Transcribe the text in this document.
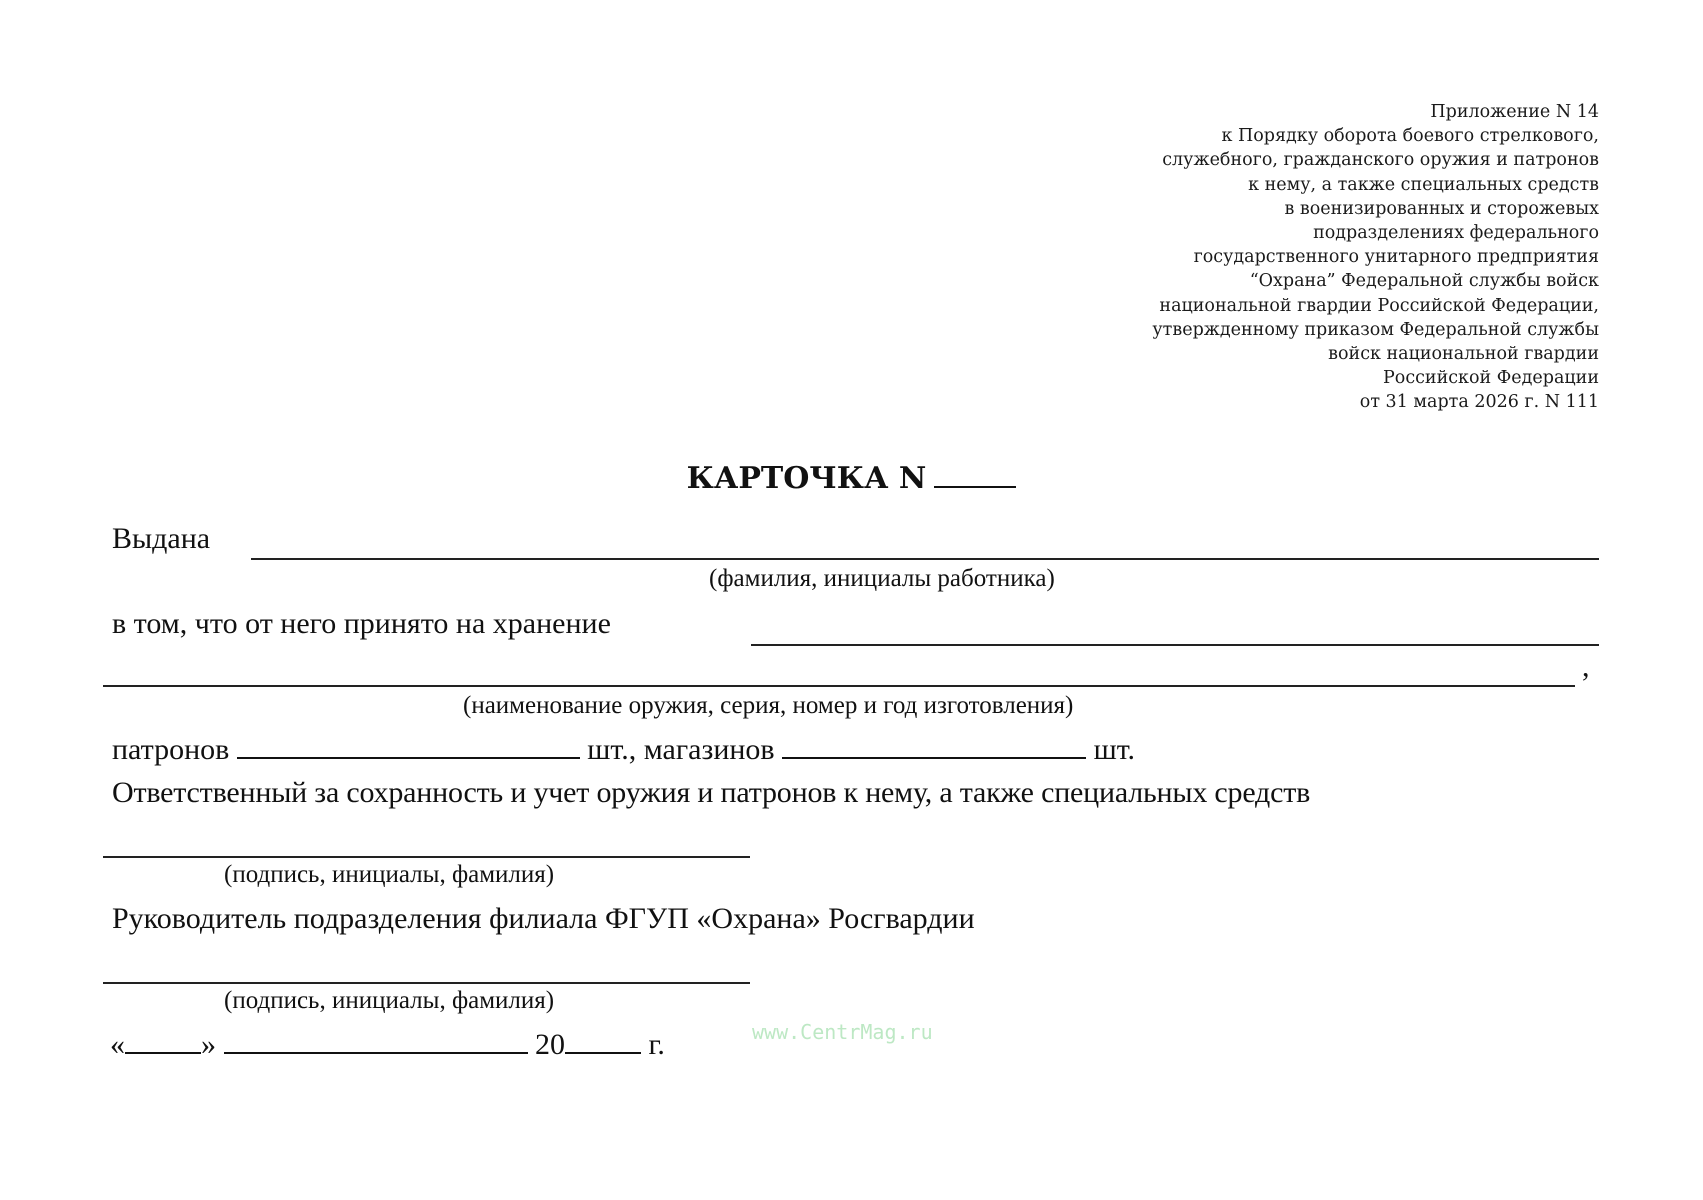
Приложение N 14
к Порядку оборота боевого стрелкового,
служебного, гражданского оружия и патронов
к нему, а также специальных средств
в военизированных и сторожевых
подразделениях федерального
государственного унитарного предприятия
“Охрана” Федеральной службы войск
национальной гвардии Российской Федерации,
утвержденному приказом Федеральной службы
войск национальной гвардии
Российской Федерации
от 31 марта 2026 г. N 111
КАРТОЧКА N
Выдана
(фамилия, инициалы работника)
в том, что от него принято на хранение
,
(наименование оружия, серия, номер и год изготовления)
патронов	шт., магазинов	шт.
Ответственный за сохранность и учет оружия и патронов к нему, а также специальных средств
(подпись, инициалы, фамилия)
Руководитель подразделения филиала ФГУП «Охрана» Росгвардии
(подпись, инициалы, фамилия)
«	»	20	г.	www.CentrMag.ru
